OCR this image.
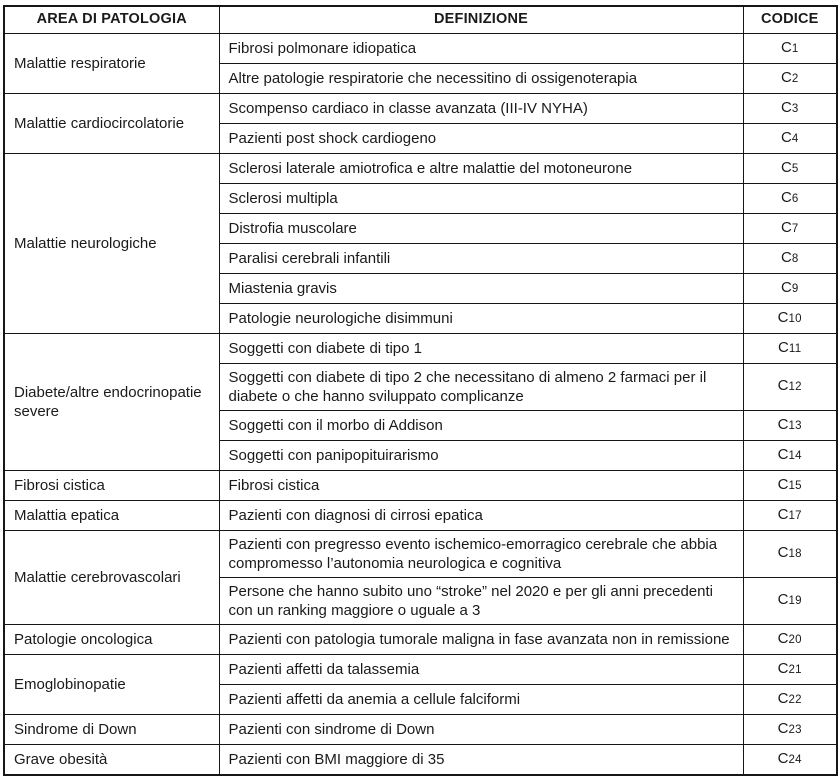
AREA DI PATOLOGIA	DEFINIZIONE	CODICE
Malattie respiratorie	Fibrosi polmonare idiopatica	C1
	Altre patologie respiratorie che necessitino di ossigenoterapia	C2
Malattie cardiocircolatorie	Scompenso cardiaco in classe avanzata (III-IV NYHA)	C3
	Pazienti post shock cardiogeno	C4
Malattie neurologiche	Sclerosi laterale amiotrofica e altre malattie del motoneurone	C5
	Sclerosi multipla	C6
	Distrofia muscolare	C7
	Paralisi cerebrali infantili	C8
	Miastenia gravis	C9
	Patologie neurologiche disimmuni	C10
Diabete/altre endocrinopatie severe	Soggetti con diabete di tipo 1	C11
	Soggetti con diabete di tipo 2 che necessitano di almeno 2 farmaci per il diabete o che hanno sviluppato complicanze	C12
	Soggetti con il morbo di Addison	C13
	Soggetti con panipopituirarismo	C14
Fibrosi cistica	Fibrosi cistica	C15
Malattia epatica	Pazienti con diagnosi di cirrosi epatica	C17
Malattie cerebrovascolari	Pazienti con pregresso evento ischemico-emorragico cerebrale che abbia compromesso l’autonomia neurologica e cognitiva	C18
	Persone che hanno subito uno “stroke” nel 2020 e per gli anni precedenti con un ranking maggiore o uguale a 3	C19
Patologie oncologica	Pazienti con patologia tumorale maligna in fase avanzata non in remissione	C20
Emoglobinopatie	Pazienti affetti da talassemia	C21
	Pazienti affetti da anemia a cellule falciformi	C22
Sindrome di Down	Pazienti con sindrome di Down	C23
Grave obesità	Pazienti con BMI maggiore di 35	C24
